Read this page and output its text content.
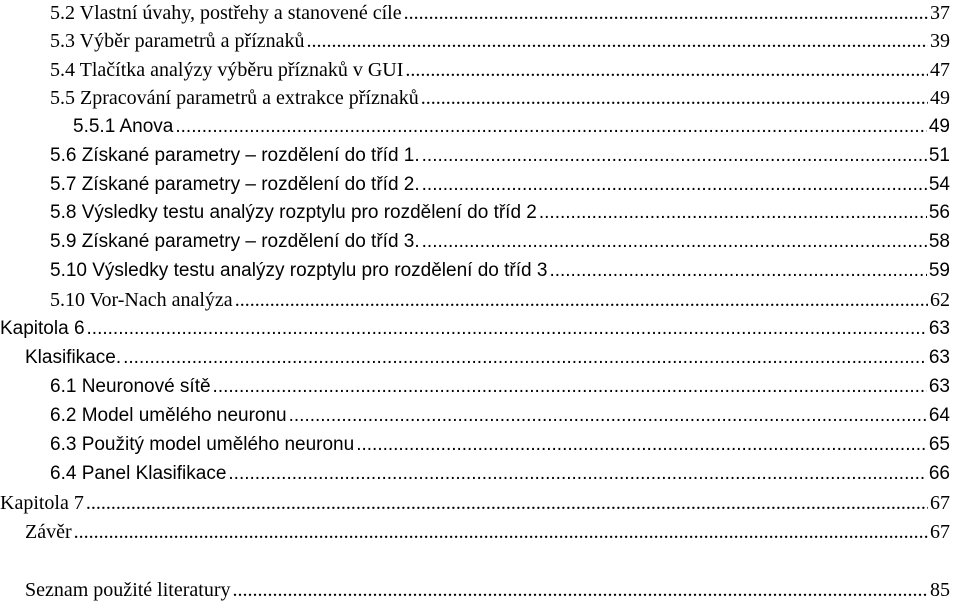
5.2 Vlastní úvahy, postřehy a stanovené cíle .....	37
5.3 Výběr parametrů a příznaků .....	39
5.4 Tlačítka analýzy výběru příznaků v GUI .....	47
5.5 Zpracování parametrů a extrakce příznaků .....	49
5.5.1 Anova .....	49
5.6 Získané parametry – rozdělení do tříd 1. .....	51
5.7 Získané parametry – rozdělení do tříd 2. .....	54
5.8 Výsledky testu analýzy rozptylu pro rozdělení do tříd 2 .....	56
5.9 Získané parametry – rozdělení do tříd 3. .....	58
5.10 Výsledky testu analýzy rozptylu pro rozdělení do tříd 3 .....	59
5.10 Vor-Nach analýza .....	62
Kapitola 6 .....	63
Klasifikace. .....	63
6.1 Neuronové sítě .....	63
6.2 Model umělého neuronu .....	64
6.3 Použitý model umělého neuronu .....	65
6.4 Panel Klasifikace .....	66
Kapitola 7 .....	67
Závěr .....	67
Seznam použité literatury .....	85
